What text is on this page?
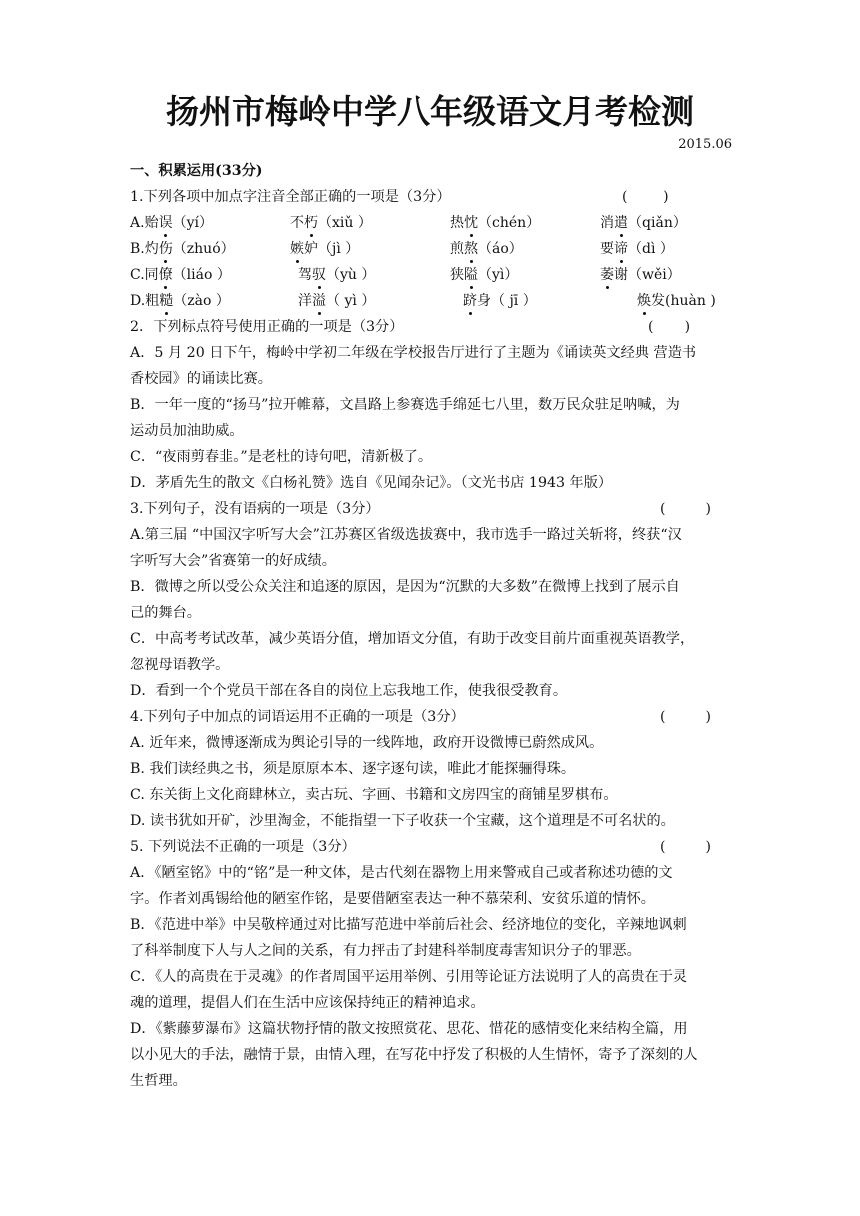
扬州市梅岭中学八年级语文月考检测
2015.06
一、积累运用(33分)
1.下列各项中加点字注音全部正确的一项是（3分）	(        )
A.贻误（yí）	不朽（xiǔ ）	热忱（chén）	消遣（qiǎn）
B.灼伤（zhuó）	嫉妒（jì ）	煎熬（áo）	要谛（dì ）
C.同僚（liáo ）	驾驭（yù ）	狭隘（yì）	萎谢（wěi）
D.粗糙（zào ）	洋溢（ yì ）	跻身（ jī ）	焕发(huàn )
2．下列标点符号使用正确的一项是（3分）	(       )
A．5 月 20 日下午，梅岭中学初二年级在学校报告厅进行了主题为《诵读英文经典 营造书
香校园》的诵读比赛。
B．一年一度的“扬马”拉开帷幕，文昌路上参赛选手绵延七八里，数万民众驻足呐喊，为
运动员加油助威。
C．“夜雨剪春韭。”是老杜的诗句吧，清新极了。
D．茅盾先生的散文《白杨礼赞》选自《见闻杂记》。（文光书店 1943 年版）
3.下列句子，没有语病的一项是（3分）	(         )
A.第三届 “中国汉字听写大会”江苏赛区省级选拔赛中，我市选手一路过关斩将，终获“汉
字听写大会”省赛第一的好成绩。
B．微博之所以受公众关注和追逐的原因，是因为“沉默的大多数”在微博上找到了展示自
己的舞台。
C．中高考考试改革，减少英语分值，增加语文分值，有助于改变目前片面重视英语教学，
忽视母语教学。
D．看到一个个党员干部在各自的岗位上忘我地工作，使我很受教育。
4.下列句子中加点的词语运用不正确的一项是（3分）	(         )
A. 近年来，微博逐渐成为舆论引导的一线阵地，政府开设微博已蔚然成风。
B. 我们读经典之书，须是原原本本、逐字逐句读，唯此才能探骊得珠。
C. 东关街上文化商肆林立，卖古玩、字画、书籍和文房四宝的商铺星罗棋布。
D. 读书犹如开矿，沙里淘金，不能指望一下子收获一个宝藏，这个道理是不可名状的。
5. 下列说法不正确的一项是（3分）	(         )
A．《陋室铭》中的“铭”是一种文体，是古代刻在器物上用来警戒自己或者称述功德的文
字。作者刘禹锡给他的陋室作铭，是要借陋室表达一种不慕荣利、安贫乐道的情怀。
B．《范进中举》中吴敬梓通过对比描写范进中举前后社会、经济地位的变化，辛辣地讽刺
了科举制度下人与人之间的关系，有力抨击了封建科举制度毒害知识分子的罪恶。
C．《人的高贵在于灵魂》的作者周国平运用举例、引用等论证方法说明了人的高贵在于灵
魂的道理，提倡人们在生活中应该保持纯正的精神追求。
D．《紫藤萝瀑布》这篇状物抒情的散文按照赏花、思花、惜花的感情变化来结构全篇，用
以小见大的手法，融情于景，由情入理，在写花中抒发了积极的人生情怀，寄予了深刻的人
生哲理。
